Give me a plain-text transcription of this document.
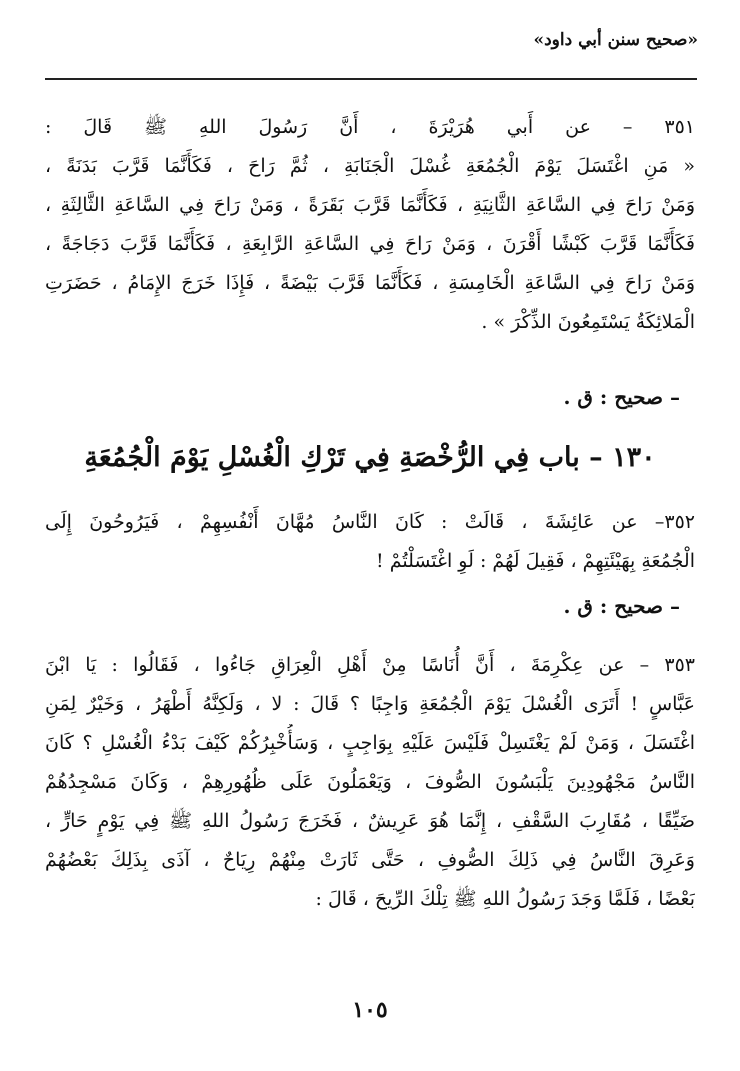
«صحيح سنن أبي داود»
٣٥١ – عن أَبي هُرَيْرَةَ ، أَنَّ رَسُولَ اللهِ ﷺ قَالَ :
« مَنِ اغْتَسَلَ يَوْمَ الْجُمُعَةِ غُسْلَ الْجَنَابَةِ ، ثُمَّ رَاحَ ، فَكَأَنَّمَا قَرَّبَ بَدَنَةً ،
وَمَنْ رَاحَ فِي السَّاعَةِ الثَّانِيَةِ ، فَكَأَنَّمَا قَرَّبَ بَقَرَةً ، وَمَنْ رَاحَ فِي السَّاعَةِ الثَّالِثَةِ ،
فَكَأَنَّمَا قَرَّبَ كَبْشًا أَقْرَنَ ، وَمَنْ رَاحَ فِي السَّاعَةِ الرَّابِعَةِ ، فَكَأَنَّمَا قَرَّبَ دَجَاجَةً ،
وَمَنْ رَاحَ فِي السَّاعَةِ الْخَامِسَةِ ، فَكَأَنَّمَا قَرَّبَ بَيْضَةً ، فَإِذَا خَرَجَ الإِمَامُ ، حَضَرَتِ
الْمَلائِكَةُ يَسْتَمِعُونَ الذِّكْرَ » .
– صحيح : ق .
١٣٠ – باب فِي الرُّخْصَةِ فِي تَرْكِ الْغُسْلِ يَوْمَ الْجُمُعَةِ
٣٥٢– عن عَائِشَةَ ، قَالَتْ : كَانَ النَّاسُ مُهَّانَ أَنْفُسِهِمْ ، فَيَرُوحُونَ إِلَى
الْجُمُعَةِ بِهَيْئَتِهِمْ ، فَقِيلَ لَهُمْ : لَوِ اغْتَسَلْتُمْ !
– صحيح : ق .
٣٥٣ – عن عِكْرِمَةَ ، أَنَّ أُنَاسًا مِنْ أَهْلِ الْعِرَاقِ جَاءُوا ، فَقَالُوا : يَا ابْنَ
عَبَّاسٍ ! أَتَرَى الْغُسْلَ يَوْمَ الْجُمُعَةِ وَاجِبًا ؟ قَالَ : لا ، وَلَكِنَّهُ أَطْهَرُ ، وَخَيْرٌ لِمَنِ
اغْتَسَلَ ، وَمَنْ لَمْ يَغْتَسِلْ فَلَيْسَ عَلَيْهِ بِوَاجِبٍ ، وَسَأُخْبِرُكُمْ كَيْفَ بَدْءُ الْغُسْلِ ؟ كَانَ
النَّاسُ مَجْهُودِينَ يَلْبَسُونَ الصُّوفَ ، وَيَعْمَلُونَ عَلَى ظُهُورِهِمْ ، وَكَانَ مَسْجِدُهُمْ
ضَيِّقًا ، مُقَارِبَ السَّقْفِ ، إِنَّمَا هُوَ عَرِيشٌ ، فَخَرَجَ رَسُولُ اللهِ ﷺ فِي يَوْمٍ حَارٍّ ،
وَعَرِقَ النَّاسُ فِي ذَلِكَ الصُّوفِ ، حَتَّى ثَارَتْ مِنْهُمْ رِيَاحٌ ، آذَى بِذَلِكَ بَعْضُهُمْ
بَعْضًا ، فَلَمَّا وَجَدَ رَسُولُ اللهِ ﷺ تِلْكَ الرِّيحَ ، قَالَ :
١٠٥
